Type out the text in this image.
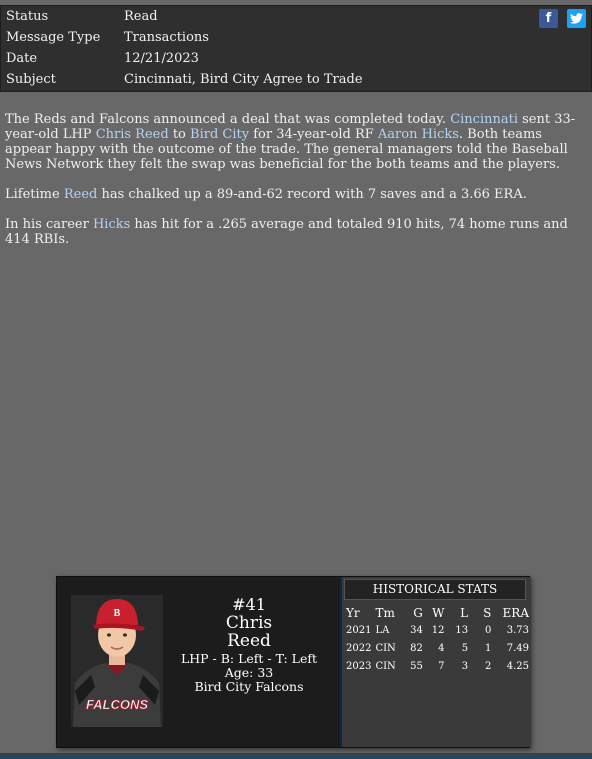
Status	Read
Message Type	Transactions
Date	12/21/2023
Subject	Cincinnati, Bird City Agree to Trade
f

The Reds and Falcons announced a deal that was completed today. Cincinnati sent 33-year-old LHP Chris Reed to Bird City for 34-year-old RF Aaron Hicks. Both teams appear happy with the outcome of the trade. The general managers told the Baseball News Network they felt the swap was beneficial for the both teams and the players.

Lifetime Reed has chalked up a 89-and-62 record with 7 saves and a 3.66 ERA.

In his career Hicks has hit for a .265 average and totaled 910 hits, 74 home runs and 414 RBIs.

B
FALCONS
#41
Chris
Reed
LHP - B: Left - T: Left
Age: 33
Bird City Falcons
HISTORICAL STATS
Yr	Tm	G	W	L	S	ERA
2021	LA	34	12	13	0	3.73
2022	CIN	82	4	5	1	7.49
2023	CIN	55	7	3	2	4.25
